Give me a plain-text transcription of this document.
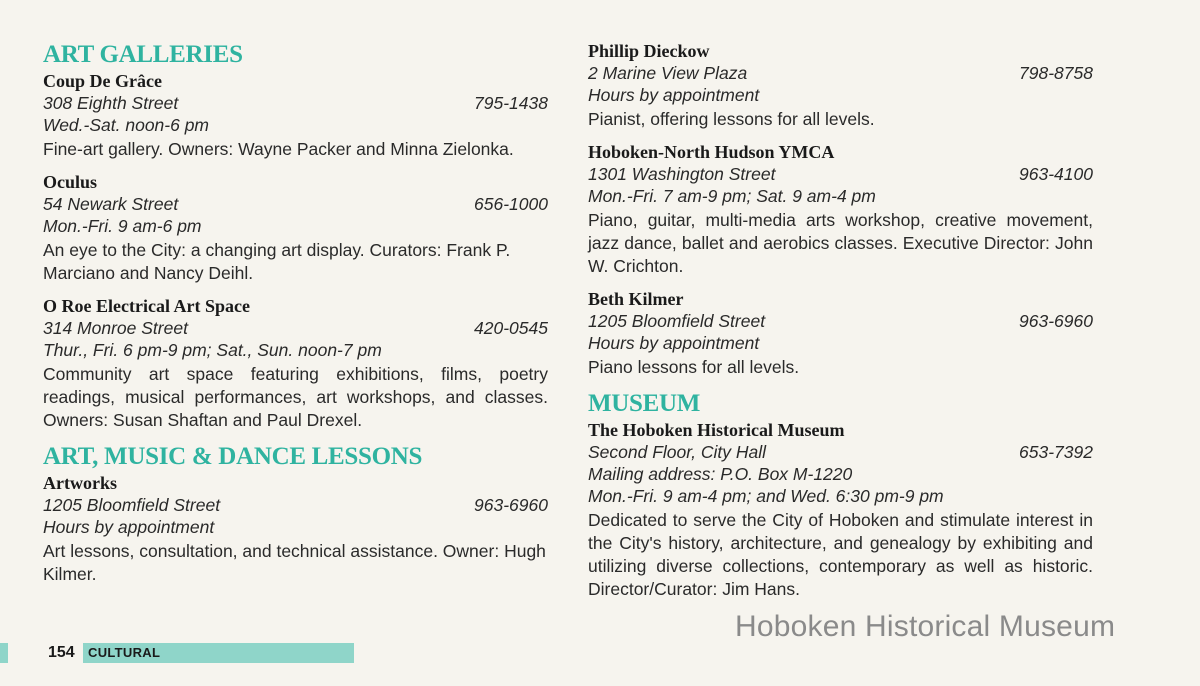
ART GALLERIES
Coup De Grâce
308 Eighth Street	795-1438
Wed.-Sat. noon-6 pm
Fine-art gallery. Owners: Wayne Packer and Minna Zielonka.
Oculus
54 Newark Street	656-1000
Mon.-Fri. 9 am-6 pm
An eye to the City: a changing art display. Curators: Frank P. Marciano and Nancy Deihl.
O Roe Electrical Art Space
314 Monroe Street	420-0545
Thur., Fri. 6 pm-9 pm; Sat., Sun. noon-7 pm
Community art space featuring exhibitions, films, poetry readings, musical performances, art workshops, and classes. Owners: Susan Shaftan and Paul Drexel.
ART, MUSIC & DANCE LESSONS
Artworks
1205 Bloomfield Street	963-6960
Hours by appointment
Art lessons, consultation, and technical assistance. Owner: Hugh Kilmer.
Phillip Dieckow
2 Marine View Plaza	798-8758
Hours by appointment
Pianist, offering lessons for all levels.
Hoboken-North Hudson YMCA
1301 Washington Street	963-4100
Mon.-Fri. 7 am-9 pm; Sat. 9 am-4 pm
Piano, guitar, multi-media arts workshop, creative movement, jazz dance, ballet and aerobics classes. Executive Director: John W. Crichton.
Beth Kilmer
1205 Bloomfield Street	963-6960
Hours by appointment
Piano lessons for all levels.
MUSEUM
The Hoboken Historical Museum
Second Floor, City Hall	653-7392
Mailing address: P.O. Box M-1220
Mon.-Fri. 9 am-4 pm; and Wed. 6:30 pm-9 pm
Dedicated to serve the City of Hoboken and stimulate interest in the City's history, architecture, and genealogy by exhibiting and utilizing diverse collections, contemporary as well as historic. Director/Curator: Jim Hans.
154 CULTURAL
Hoboken Historical Museum
